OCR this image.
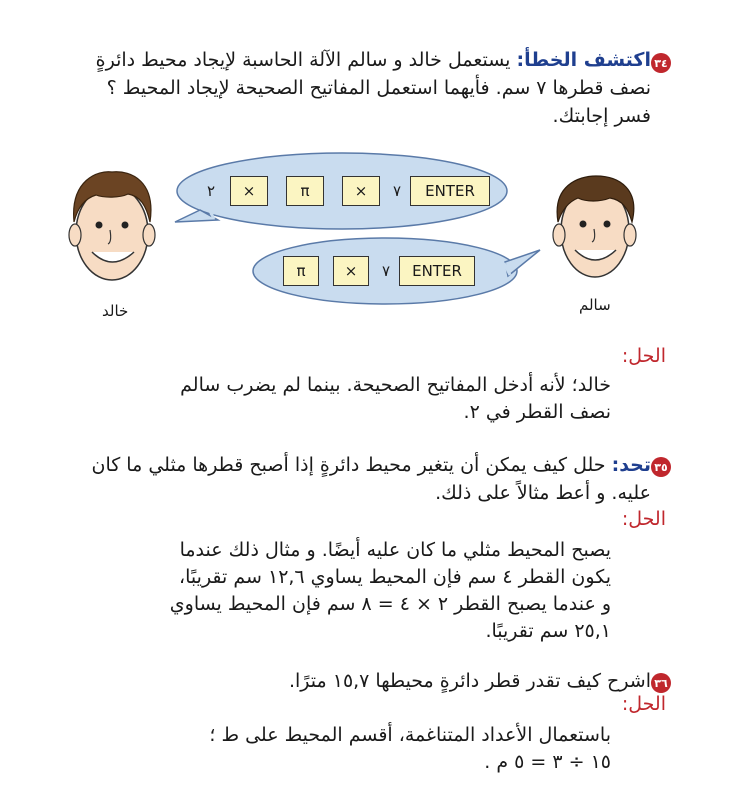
٣٤
اكتشف الخطأ: يستعمل خالد و سالم الآلة الحاسبة لإيجاد محيط دائرةٍ نصف قطرها ٧ سم. فأيهما استعمل المفاتيح الصحيحة لإيجاد المحيط ؟ فسر إجابتك.
٢	×	π	×	٧	ENTER
π	×	٧	ENTER
خالد	سالم
الحل:
خالد؛ لأنه أدخل المفاتيح الصحيحة. بينما لم يضرب سالم
نصف القطر في ٢.
٣٥
تحد: حلل كيف يمكن أن يتغير محيط دائرةٍ إذا أصبح قطرها مثلي ما كان عليه. و أعط مثالاً على ذلك.
الحل:
يصبح المحيط مثلي ما كان عليه أيضًا. و مثال ذلك عندما
يكون القطر ٤ سم فإن المحيط يساوي ١٢,٦ سم تقريبًا،
و عندما يصبح القطر ٢ × ٤ = ٨ سم فإن المحيط يساوي
٢٥,١ سم تقريبًا.
٣٦
اشرح كيف تقدر قطر دائرةٍ محيطها ١٥,٧ مترًا.
الحل:
باستعمال الأعداد المتناغمة، أقسم المحيط على ط ؛
١٥ ÷ ٣ = ٥ م .
